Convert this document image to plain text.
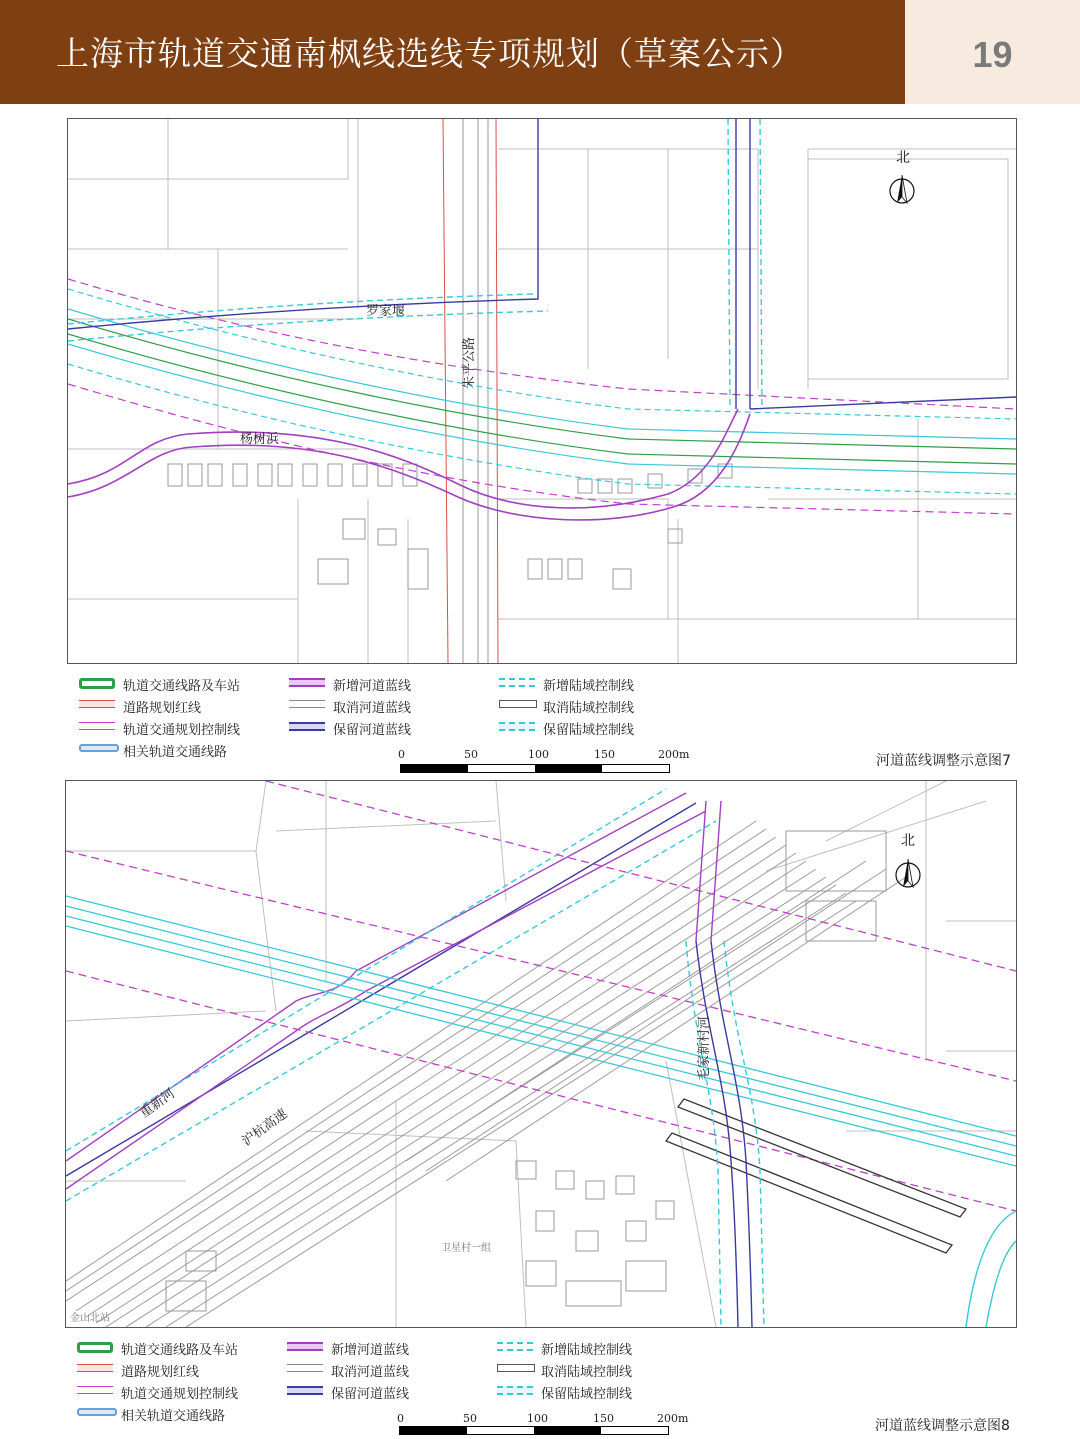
上海市轨道交通南枫线选线专项规划（草案公示）	19
罗家堰
朱平公路
杨树浜
北
轨道交通线路及车站	新增河道蓝线	新增陆域控制线
道路规划红线	取消河道蓝线	取消陆域控制线
轨道交通规划控制线	保留河道蓝线	保留陆域控制线
相关轨道交通线路	0	50	100	150	200m	河道蓝线调整示意图7
重新河
沪杭高速
毛家新村河
卫星村一组
金山北站
北
轨道交通线路及车站	新增河道蓝线	新增陆域控制线
道路规划红线	取消河道蓝线	取消陆域控制线
轨道交通规划控制线	保留河道蓝线	保留陆域控制线
相关轨道交通线路	0	50	100	150	200m	河道蓝线调整示意图8
